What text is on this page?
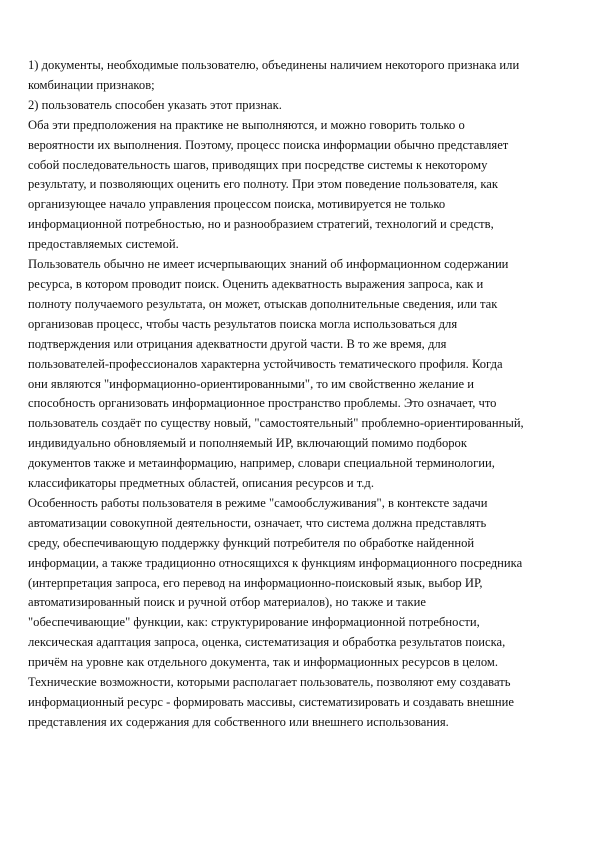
1) документы, необходимые пользователю, объединены наличием некоторого признака или
комбинации признаков;
2) пользователь способен указать этот признак.

Оба эти предположения на практике не выполняются, и можно говорить только о
вероятности их выполнения. Поэтому, процесс поиска информации обычно представляет
собой последовательность шагов, приводящих при посредстве системы к некоторому
результату, и позволяющих оценить его полноту. При этом поведение пользователя, как
организующее начало управления процессом поиска, мотивируется не только
информационной потребностью, но и разнообразием стратегий, технологий и средств,
предоставляемых системой.

Пользователь обычно не имеет исчерпывающих знаний об информационном содержании
ресурса, в котором проводит поиск. Оценить адекватность выражения запроса, как и
полноту получаемого результата, он может, отыскав дополнительные сведения, или так
организовав процесс, чтобы часть результатов поиска могла использоваться для
подтверждения или отрицания адекватности другой части. В то же время, для
пользователей-профессионалов характерна устойчивость тематического профиля. Когда
они являются "информационно-ориентированными", то им свойственно желание и
способность организовать информационное пространство проблемы. Это означает, что
пользователь создаёт по существу новый, "самостоятельный" проблемно-ориентированный,
индивидуально обновляемый и пополняемый ИР, включающий помимо подборок
документов также и метаинформацию, например, словари специальной терминологии,
классификаторы предметных областей, описания ресурсов и т.д.

Особенность работы пользователя в режиме "самообслуживания", в контексте задачи
автоматизации совокупной деятельности, означает, что система должна представлять
среду, обеспечивающую поддержку функций потребителя по обработке найденной
информации, а также традиционно относящихся к функциям информационного посредника
(интерпретация запроса, его перевод на информационно-поисковый язык, выбор ИР,
автоматизированный поиск и ручной отбор материалов), но также и такие
"обеспечивающие" функции, как: структурирование информационной потребности,
лексическая адаптация запроса, оценка, систематизация и обработка результатов поиска,
причём на уровне как отдельного документа, так и информационных ресурсов в целом.
Технические возможности, которыми располагает пользователь, позволяют ему создавать
информационный ресурс - формировать массивы, систематизировать и создавать внешние
представления их содержания для собственного или внешнего использования.
